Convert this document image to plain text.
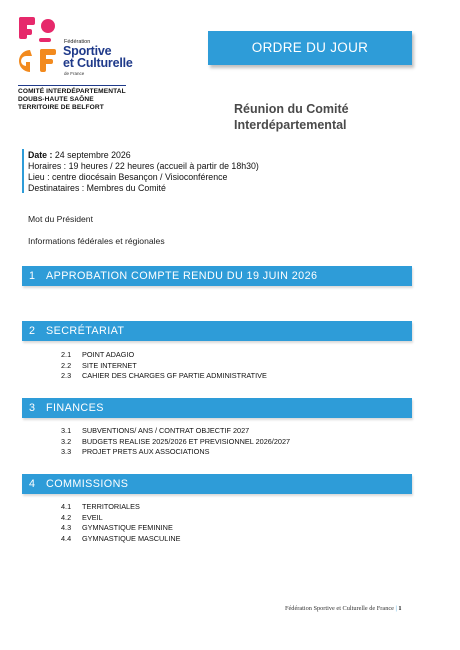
Fédération
Sportive
et Culturelle
de France
COMITÉ INTERDÉPARTEMENTAL
DOUBS-HAUTE SAÔNE
TERRITOIRE DE BELFORT
ORDRE DU JOUR
Réunion du Comité
Interdépartemental
Date : 24 septembre 2026
Horaires : 19 heures / 22 heures (accueil à partir de 18h30)
Lieu : centre diocésain Besançon / Visioconférence
Destinataires : Membres du Comité
Mot du Président
Informations fédérales et régionales
1 APPROBATION COMPTE RENDU DU 19 JUIN 2026
2 SECRÉTARIAT
2.1 POINT ADAGIO
2.2 SITE INTERNET
2.3 CAHIER DES CHARGES GF PARTIE ADMINISTRATIVE
3 FINANCES
3.1 SUBVENTIONS/ ANS / CONTRAT OBJECTIF 2027
3.2 BUDGETS REALISE 2025/2026 ET PREVISIONNEL 2026/2027
3.3 PROJET PRETS AUX ASSOCIATIONS
4 COMMISSIONS
4.1 TERRITORIALES
4.2 EVEIL
4.3 GYMNASTIQUE FEMININE
4.4 GYMNASTIQUE MASCULINE
Fédération Sportive et Culturelle de France | 1
